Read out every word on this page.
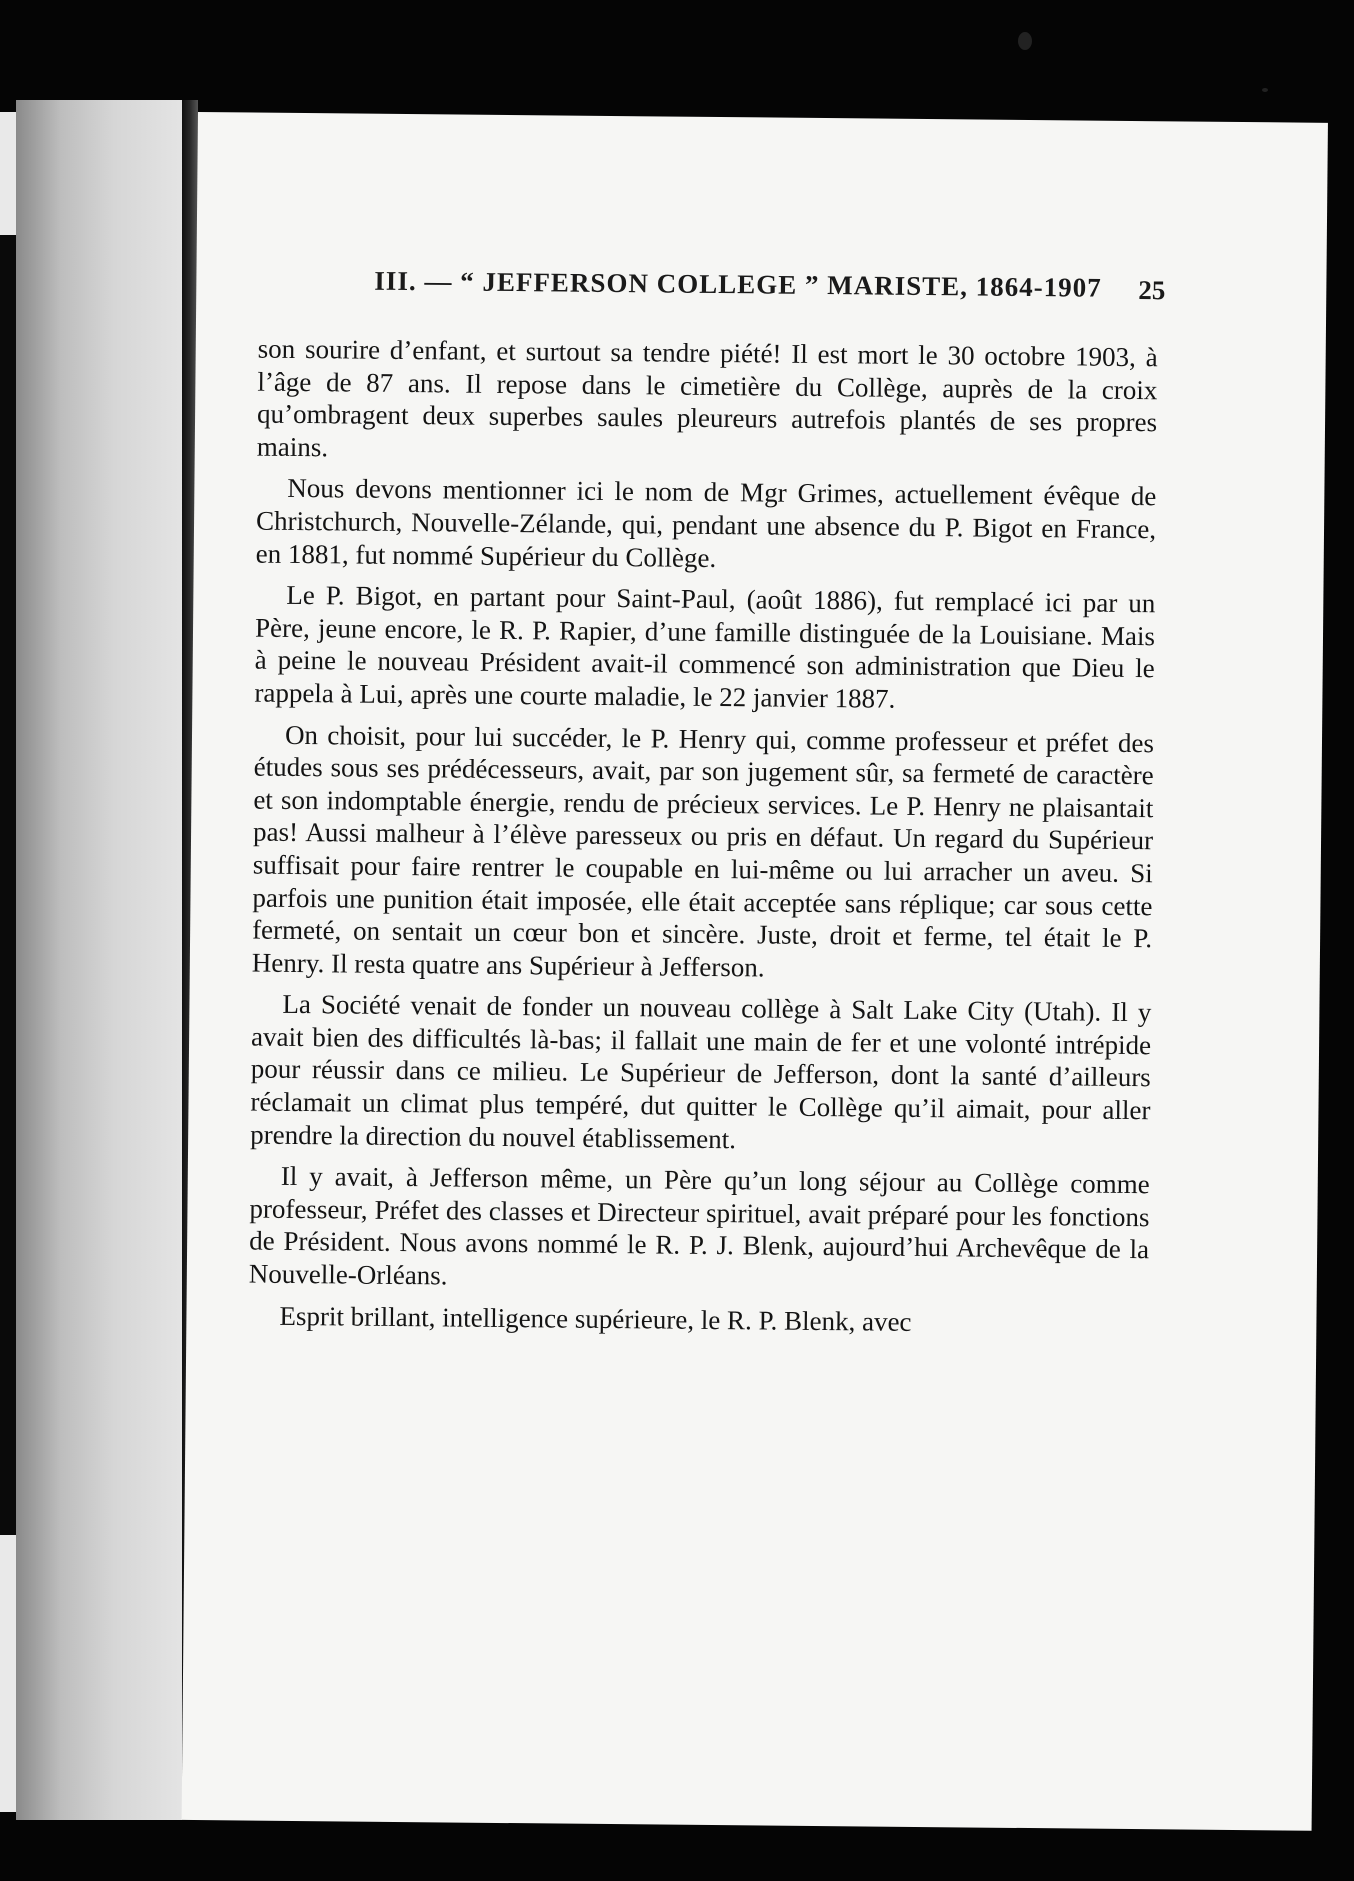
III. — “ JEFFERSON COLLEGE ” MARISTE, 1864-1907	25

son sourire d’enfant, et surtout sa tendre piété! Il est mort le 30 octobre 1903, à l’âge de 87 ans. Il repose dans le cimetière du Collège, auprès de la croix qu’ombragent deux superbes saules pleureurs autrefois plantés de ses propres mains.

Nous devons mentionner ici le nom de Mgr Grimes, actuellement évêque de Christchurch, Nouvelle-Zélande, qui, pendant une absence du P. Bigot en France, en 1881, fut nommé Supérieur du Collège.

Le P. Bigot, en partant pour Saint-Paul, (août 1886), fut remplacé ici par un Père, jeune encore, le R. P. Rapier, d’une famille distinguée de la Louisiane. Mais à peine le nouveau Président avait-il commencé son administration que Dieu le rappela à Lui, après une courte maladie, le 22 janvier 1887.

On choisit, pour lui succéder, le P. Henry qui, comme professeur et préfet des études sous ses prédécesseurs, avait, par son jugement sûr, sa fermeté de caractère et son indomptable énergie, rendu de précieux services. Le P. Henry ne plaisantait pas! Aussi malheur à l’élève paresseux ou pris en défaut. Un regard du Supérieur suffisait pour faire rentrer le coupable en lui-même ou lui arracher un aveu. Si parfois une punition était imposée, elle était acceptée sans réplique; car sous cette fermeté, on sentait un cœur bon et sincère. Juste, droit et ferme, tel était le P. Henry. Il resta quatre ans Supérieur à Jefferson.

La Société venait de fonder un nouveau collège à Salt Lake City (Utah). Il y avait bien des difficultés là-bas; il fallait une main de fer et une volonté intrépide pour réussir dans ce milieu. Le Supérieur de Jefferson, dont la santé d’ailleurs réclamait un climat plus tempéré, dut quitter le Collège qu’il aimait, pour aller prendre la direction du nouvel établissement.

Il y avait, à Jefferson même, un Père qu’un long séjour au Collège comme professeur, Préfet des classes et Directeur spirituel, avait préparé pour les fonctions de Président. Nous avons nommé le R. P. J. Blenk, aujourd’hui Archevêque de la Nouvelle-Orléans.

Esprit brillant, intelligence supérieure, le R. P. Blenk, avec
